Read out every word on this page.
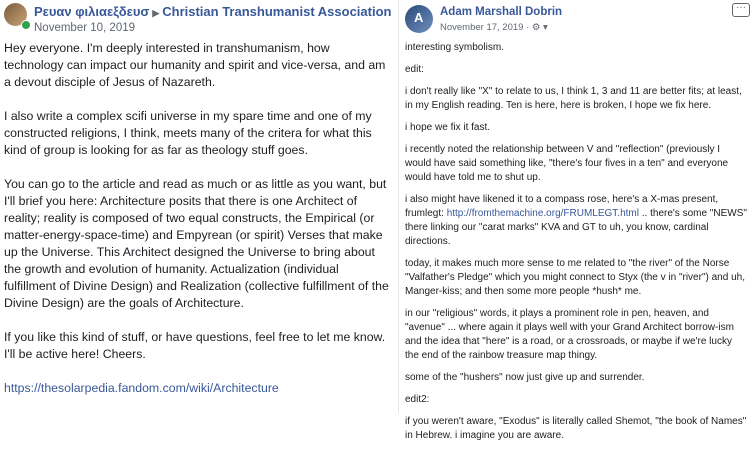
Ρευαν φιλιαεξδευσ ▶ Christian Transhumanist Association
November 10, 2019

Hey everyone. I'm deeply interested in transhumanism, how technology can impact our humanity and spirit and vice-versa, and am a devout disciple of Jesus of Nazareth.

I also write a complex scifi universe in my spare time and one of my constructed religions, I think, meets many of the critera for what this kind of group is looking for as far as theology stuff goes.

You can go to the article and read as much or as little as you want, but I'll brief you here: Architecture posits that there is one Architect of reality; reality is composed of two equal constructs, the Empirical (or matter-energy-space-time) and Empyrean (or spirit) Verses that make up the Universe. This Architect designed the Universe to bring about the growth and evolution of humanity. Actualization (individual fulfillment of Divine Design) and Realization (collective fulfillment of the Divine Design) are the goals of Architecture.

If you like this kind of stuff, or have questions, feel free to let me know. I'll be active here! Cheers.

https://thesolarpedia.fandom.com/wiki/Architecture
A Adam Marshall Dobrin
November 17, 2019 · ⚙ ▾
···

interesting symbolism.

edit:

i don't really like "X" to relate to us, I think 1, 3 and 11 are better fits; at least, in my English reading. Ten is here, here is broken, I hope we fix here.

i hope we fix it fast.

i recently noted the relationship between V and "reflection" (previously I would have said something like, "there's four fives in a ten" and everyone would have told me to shut up.

i also might have likened it to a compass rose, here's a X-mas present, frumlegt: http://fromthemachine.org/FRUMLEGT.html .. there's some "NEWS" there linking our "carat marks" KVA and GT to uh, you know, cardinal directions.

today, it makes much more sense to me related to "the river" of the Norse "Valfather's Pledge" which you might connect to Styx (the v in "river") and uh, Manger-kiss; and then some more people *hush* me.

in our "religious" words, it plays a prominent role in pen, heaven, and "avenue" ... where again it plays well with your Grand Architect borrow-ism and the idea that "here" is a road, or a crossroads, or maybe if we're lucky the end of the rainbow treasure map thingy.

some of the "hushers" now just give up and surrender.

edit2:

if you weren't aware, "Exodus" is literally called Shemot, "the book of Names" in Hebrew. i imagine you are aware.
